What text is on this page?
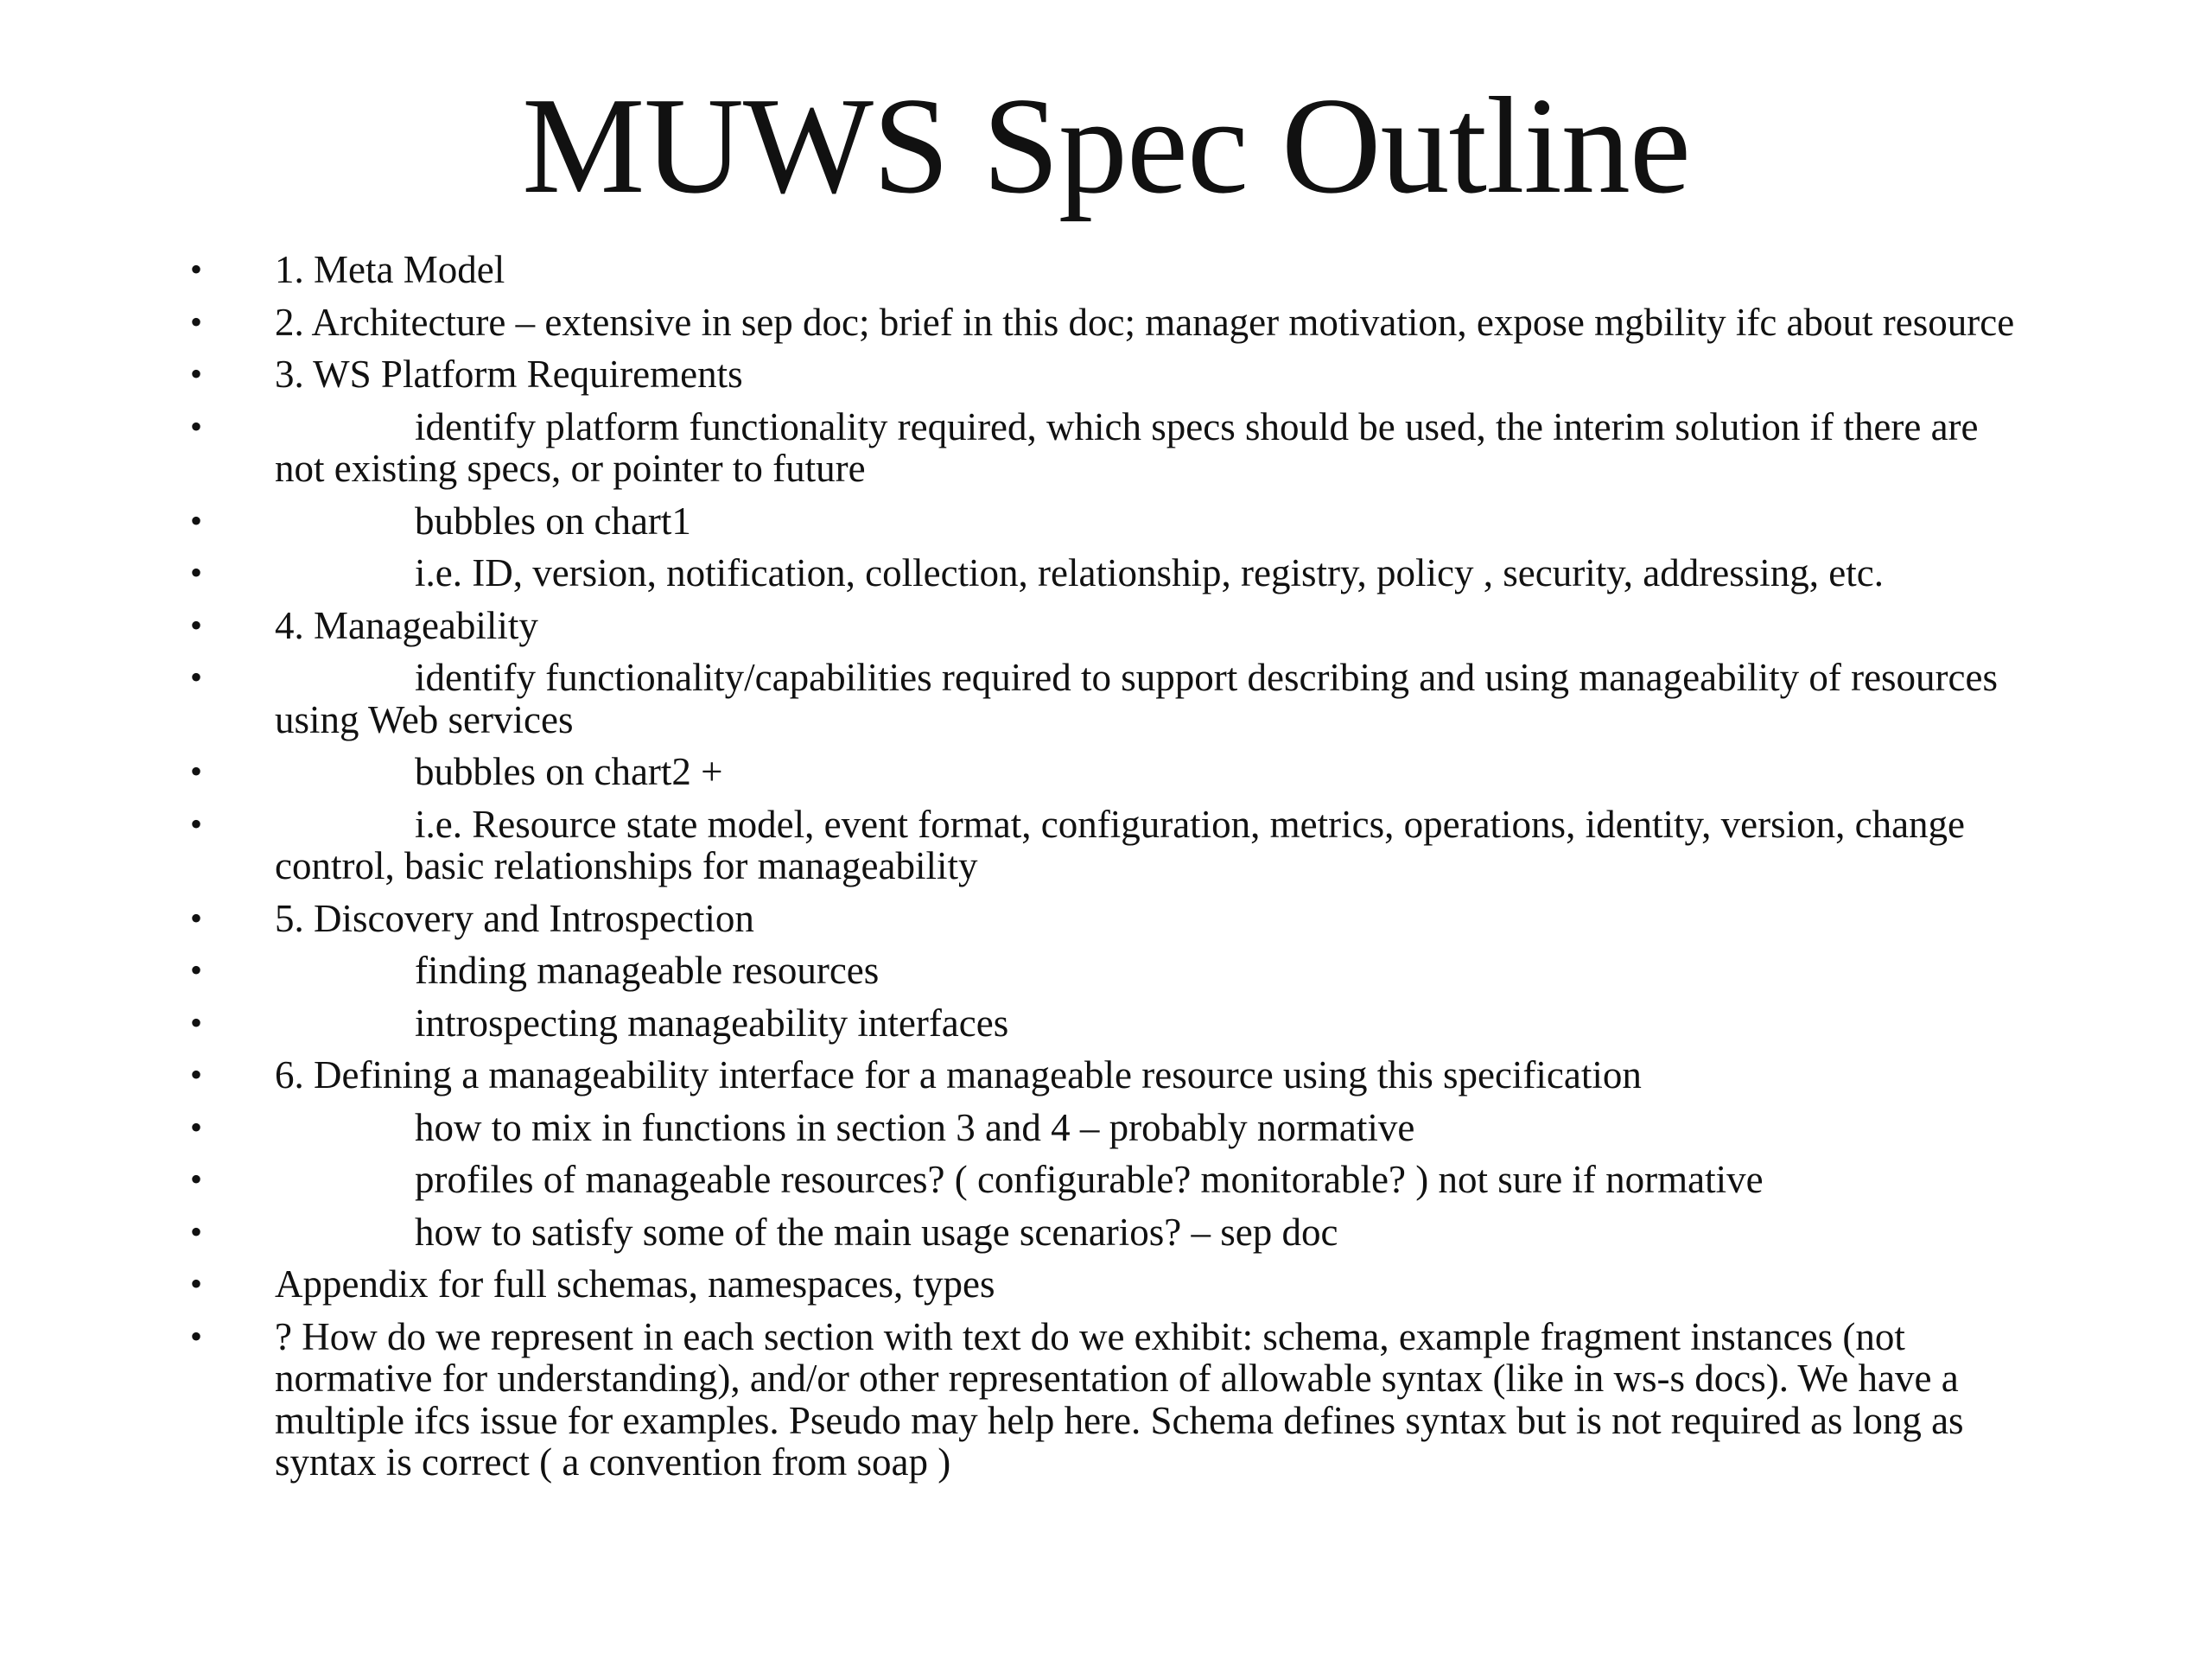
MUWS Spec Outline
• 1. Meta Model
• 2. Architecture – extensive in sep doc; brief in this doc; manager motivation, expose mgbility ifc about resource
• 3. WS Platform Requirements
•	identify platform functionality required, which specs should be used, the interim solution if there are not existing specs, or pointer to future
•	bubbles on chart1
•	i.e. ID, version, notification, collection, relationship, registry, policy , security, addressing, etc.
• 4. Manageability
•	identify functionality/capabilities required to support describing and using manageability of resources using Web services
•	bubbles on chart2 +
•	i.e. Resource state model, event format, configuration, metrics, operations, identity, version, change control, basic relationships for manageability
• 5. Discovery and Introspection
•	finding manageable resources
•	introspecting manageability interfaces
• 6. Defining a manageability interface for a manageable resource using this specification
•	how to mix in functions in section 3 and 4 – probably normative
•	profiles of manageable resources? ( configurable? monitorable? ) not sure if normative
•	how to satisfy some of the main usage scenarios? – sep doc
• Appendix for full schemas, namespaces, types
• ? How do we represent in each section with text do we exhibit: schema, example fragment instances (not normative for understanding), and/or other representation of allowable syntax (like in ws-s docs). We have a multiple ifcs issue for examples. Pseudo may help here. Schema defines syntax but is not required as long as syntax is correct ( a convention from soap )
